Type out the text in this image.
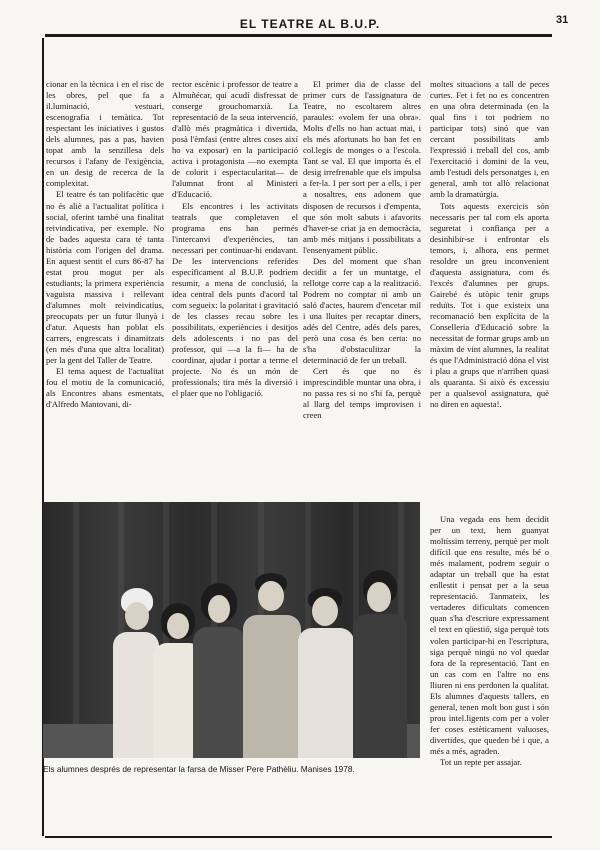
EL TEATRE AL B.U.P.	31

cionar en la tècnica i en el risc de les obres, pel que fa a il.luminació, vestuari, escenografia i temàtica. Tot respectant les iniciatives i gustos dels alumnes, pas a pas, havien topat amb la senzillesa dels recursos i l'afany de l'exigència, en un desig de recerca de la complexitat.

El teatre és tan polifacètic que no és aliè a l'actualitat política i social, oferint també una finalitat reivindicativa, per exemple. No de bades aquesta cara té tanta història com l'origen del drama. En aquest sentit el curs 86-87 ha estat prou mogut per als estudiants; la primera experiència vaguista massiva i rellevant d'alumnes molt reivindicatius, preocupats per un futur llunyà i d'atur. Aquests han poblat els carrers, engrescats i dinamitzats (en més d'una que altra localitat) per la gent del Taller de Teatre.

El tema aquest de l'actualitat fou el motiu de la comunicació, als Encontres abans esmentats, d'Alfredo Mantovani, di-

rector escènic i professor de teatre a Almuñécar, qui acudí disfressat de conserge grouchomarxià. La representació de la seua intervenció, d'allò més pragmàtica i divertida, posà l'èmfasi (entre altres coses així ho va exposar) en la participació activa i protagonista —no exempta de colorit i espectacularitat— de l'alumnat front al Ministeri d'Educació.

Els encontres i les activitats teatrals que completaven el programa ens han permés l'intercanvi d'experiències, tan necessari per continuar-hi endavant. De les intervencions referides específicament al B.U.P. podríem resumir, a mena de conclusió, la idea central dels punts d'acord tal com segueix: la polaritat i gravitació de les classes recau sobre les possibilitats, experiències i desitjos dels adolescents i no pas del professor, qui —a la fi— ha de coordinar, ajudar i portar a terme el projecte. No és un món de professionals; tira més la diversió i el plaer que no l'obligació.

El primer dia de classe del primer curs de l'assignatura de Teatre, no escoltarem altres paraules: «volem fer una obra». Molts d'ells no han actuat mai, i els més afortunats ho han fet en col.legis de monges o a l'escola. Tant se val. El que importa és el desig irrefrenable que els impulsa a fer-la. I per sort per a ells, i per a nosaltres, ens adonem que disposen de recursos i d'empenta, que són molt sabuts i afavorits d'haver-se criat ja en democràcia, amb més mitjans i possibilitats a l'ensenyament públic.

Des del moment que s'han decidit a fer un muntatge, el rellotge corre cap a la realització. Podrem no comptar ni amb un saló d'actes, haurem d'encetar mil i una lluites per recaptar diners, adés del Centre, adés dels pares, però una cosa és ben certa: no s'ha d'obstaculitzar la determinació de fer un treball.

Cert és que no és imprescindible muntar una obra, i no passa res si no s'hi fa, perquè al llarg del temps improvisen i creen

moltes situacions a tall de peces curtes. Fet i fet no es concentren en una obra determinada (en la qual fins i tot podríem no participar tots) sinó que van cercant possibilitats amb l'expressió i treball del cos, amb l'exercitació i domini de la veu, amb l'estudi dels personatges i, en general, amb tot allò relacionat amb la dramatúrgia.

Tots aquests exercicis són necessaris per tal com els aporta seguretat i confiança per a desinhibir-se i enfrontar els temors, i, alhora, ens permet resoldre un greu inconvenient d'aquesta assignatura, com és l'excés d'alumnes per grups. Gairebé és utòpic tenir grups reduïts. Tot i que existeix una recomanació ben explícita de la Conselleria d'Educació sobre la necessitat de formar grups amb un màxim de vint alumnes, la realitat és que l'Administració dóna el vist i plau a grups que n'arriben quasi als quaranta. Si això és excessiu per a qualsevol assignatura, què no diren en aquesta!.

Els alumnes després de representar la farsa de Misser Pere Pathèliu. Manises 1978.

Una vegada ens hem decidit per un text, hem guanyat moltíssim terreny, perquè per molt difícil que ens resulte, més bé o més malament, podrem seguir o adaptar un treball que ha estat enllestit i pensat per a la seua representació. Tanmateix, les vertaderes dificultats comencen quan s'ha d'escriure expressament el text en qüestió, siga perquè tots volen participar-hi en l'escriptura, siga perquè ningú no vol quedar fora de la representació. Tant en un cas com en l'altre no ens lliuren ni ens perdonen la qualitat. Els alumnes d'aquests tallers, en general, tenen molt bon gust i són prou intel.ligents com per a voler fer coses estèticament valuoses, divertides, que queden bé i que, a més a més, agraden.

Tot un repte per assajar.
